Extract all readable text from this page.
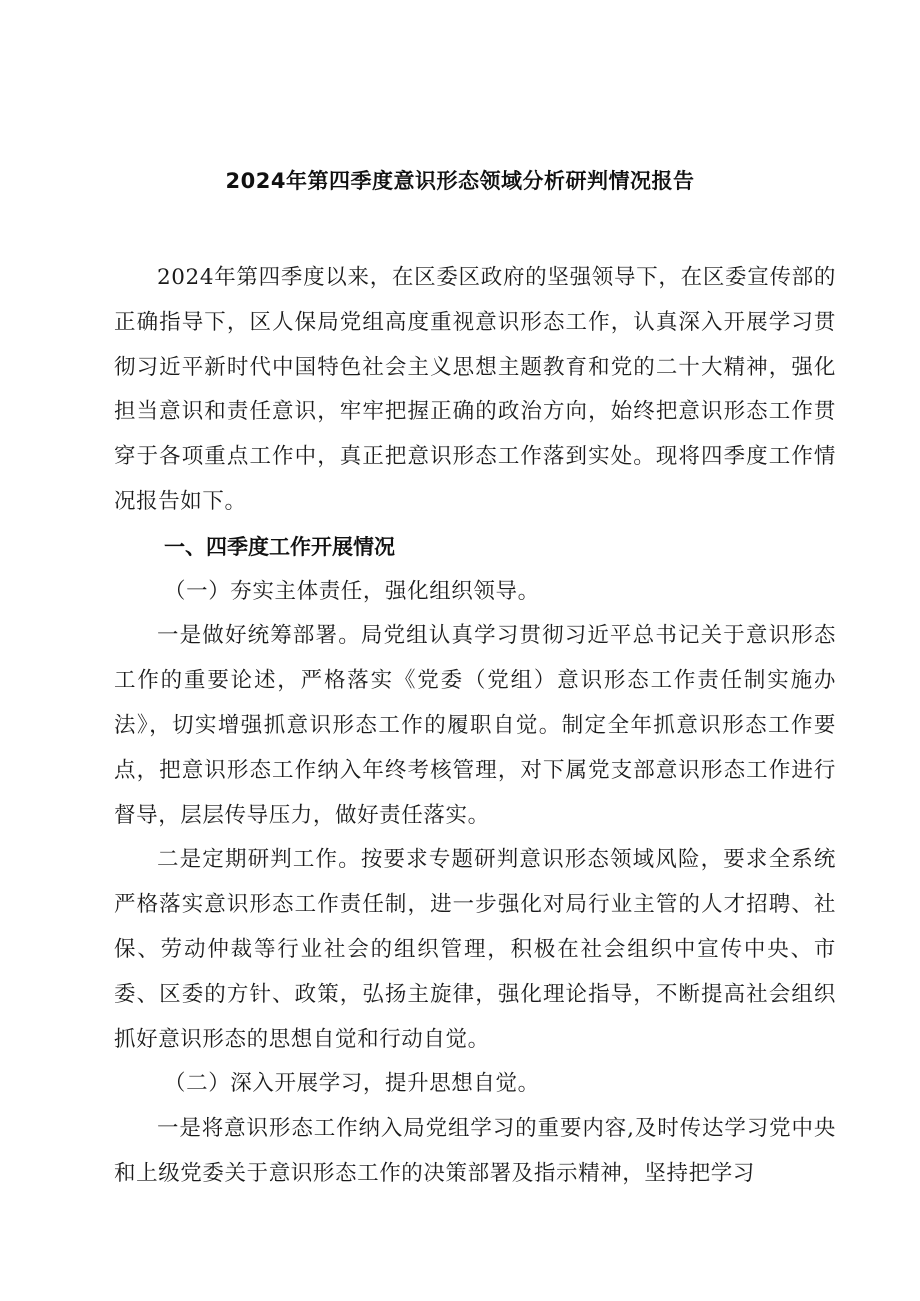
2024年第四季度意识形态领域分析研判情况报告

2024年第四季度以来，在区委区政府的坚强领导下，在区委宣传部的正确指导下，区人保局党组高度重视意识形态工作，认真深入开展学习贯彻习近平新时代中国特色社会主义思想主题教育和党的二十大精神，强化担当意识和责任意识，牢牢把握正确的政治方向，始终把意识形态工作贯穿于各项重点工作中，真正把意识形态工作落到实处。现将四季度工作情况报告如下。

一、四季度工作开展情况
（一）夯实主体责任，强化组织领导。

一是做好统筹部署。局党组认真学习贯彻习近平总书记关于意识形态工作的重要论述，严格落实《党委（党组）意识形态工作责任制实施办法》，切实增强抓意识形态工作的履职自觉。制定全年抓意识形态工作要点，把意识形态工作纳入年终考核管理，对下属党支部意识形态工作进行督导，层层传导压力，做好责任落实。

二是定期研判工作。按要求专题研判意识形态领域风险，要求全系统严格落实意识形态工作责任制，进一步强化对局行业主管的人才招聘、社保、劳动仲裁等行业社会的组织管理，积极在社会组织中宣传中央、市委、区委的方针、政策，弘扬主旋律，强化理论指导，不断提高社会组织抓好意识形态的思想自觉和行动自觉。

（二）深入开展学习，提升思想自觉。

一是将意识形态工作纳入局党组学习的重要内容,及时传达学习党中央和上级党委关于意识形态工作的决策部署及指示精神，坚持把学习
